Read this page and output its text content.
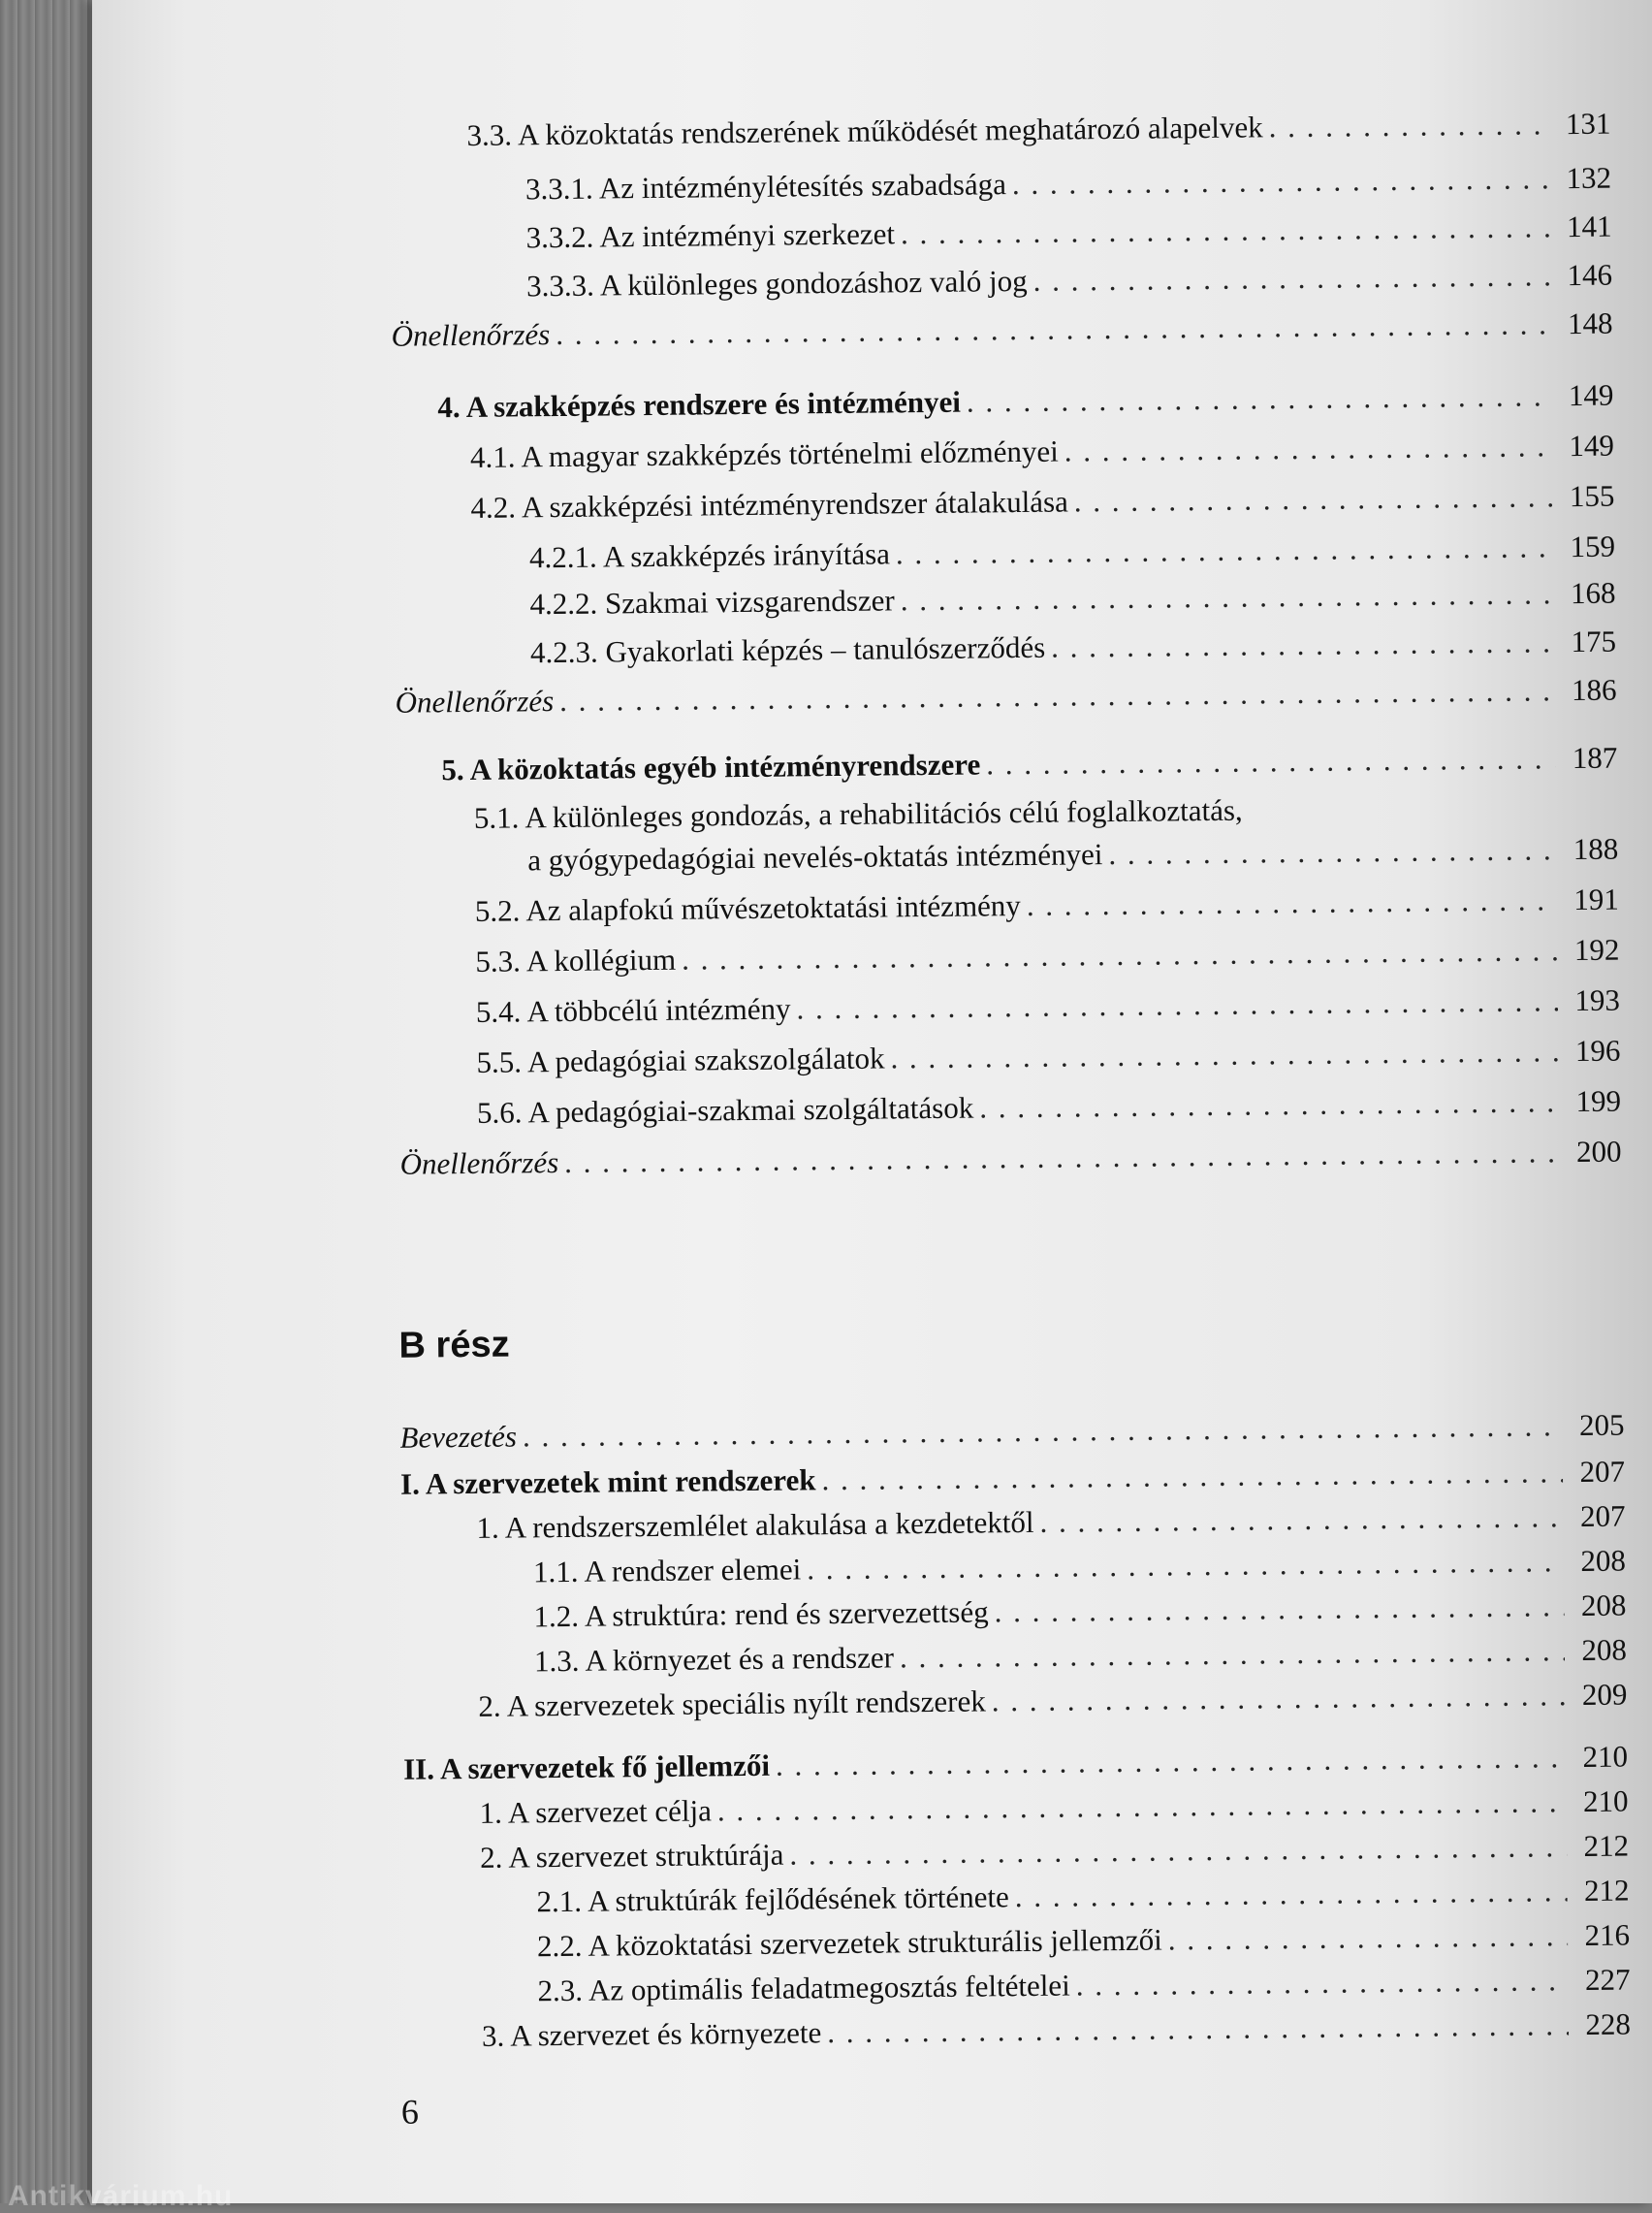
3.3. A közoktatás rendszerének működését meghatározó alapelvek . . .	131
3.3.1. Az intézménylétesítés szabadsága . . .	132
3.3.2. Az intézményi szerkezet . . .	141
3.3.3. A különleges gondozáshoz való jog . . .	146
Önellenőrzés . . .	148
4. A szakképzés rendszere és intézményei . . .	149
4.1. A magyar szakképzés történelmi előzményei . . .	149
4.2. A szakképzési intézményrendszer átalakulása . . .	155
4.2.1. A szakképzés irányítása . . .	159
4.2.2. Szakmai vizsgarendszer . . .	168
4.2.3. Gyakorlati képzés – tanulószerződés . . .	175
Önellenőrzés . . .	186
5. A közoktatás egyéb intézményrendszere . . .	187
5.1. A különleges gondozás, a rehabilitációs célú foglalkoztatás,
a gyógypedagógiai nevelés-oktatás intézményei . . .	188
5.2. Az alapfokú művészetoktatási intézmény . . .	191
5.3. A kollégium . . .	192
5.4. A többcélú intézmény . . .	193
5.5. A pedagógiai szakszolgálatok . . .	196
5.6. A pedagógiai-szakmai szolgáltatások . . .	199
Önellenőrzés . . .	200
B rész
Bevezetés . . .	205
I. A szervezetek mint rendszerek . . .	207
1. A rendszerszemlélet alakulása a kezdetektől . . .	207
1.1. A rendszer elemei . . .	208
1.2. A struktúra: rend és szervezettség . . .	208
1.3. A környezet és a rendszer . . .	208
2. A szervezetek speciális nyílt rendszerek . . .	209
II. A szervezetek fő jellemzői . . .	210
1. A szervezet célja . . .	210
2. A szervezet struktúrája . . .	212
2.1. A struktúrák fejlődésének története . . .	212
2.2. A közoktatási szervezetek strukturális jellemzői . . .	216
2.3. Az optimális feladatmegosztás feltételei . . .	227
3. A szervezet és környezete . . .	228
6
Antikvárium.hu
